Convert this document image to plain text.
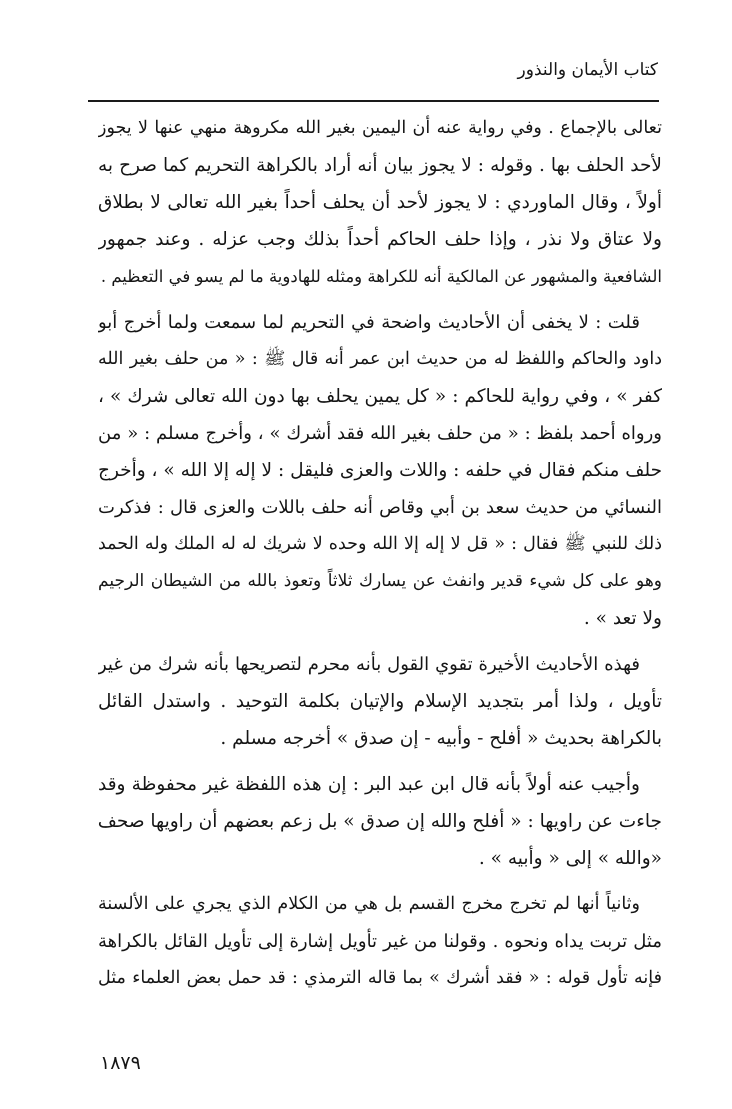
كتاب الأيمان والنذور

تعالى بالإجماع . وفي رواية عنه أن اليمين بغير الله مكروهة منهي عنها لا يجوز
لأحد الحلف بها . وقوله : لا يجوز بيان أنه أراد بالكراهة التحريم كما صرح به
أولاً ، وقال الماوردي : لا يجوز لأحد أن يحلف أحداً بغير الله تعالى لا بطلاق
ولا عتاق ولا نذر ، وإذا حلف الحاكم أحداً بذلك وجب عزله . وعند جمهور
الشافعية والمشهور عن المالكية أنه للكراهة ومثله للهادوية ما لم يسو في التعظيم .

قلت : لا يخفى أن الأحاديث واضحة في التحريم لما سمعت ولما أخرج أبو
داود والحاكم واللفظ له من حديث ابن عمر أنه قال ﷺ : « من حلف بغير الله
كفر » ، وفي رواية للحاكم : « كل يمين يحلف بها دون الله تعالى شرك » ،
ورواه أحمد بلفظ : « من حلف بغير الله فقد أشرك » ، وأخرج مسلم : « من
حلف منكم فقال في حلفه : واللات والعزى فليقل : لا إله إلا الله » ، وأخرج
النسائي من حديث سعد بن أبي وقاص أنه حلف باللات والعزى قال : فذكرت
ذلك للنبي ﷺ فقال : « قل لا إله إلا الله وحده لا شريك له له الملك وله الحمد
وهو على كل شيء قدير وانفث عن يسارك ثلاثاً وتعوذ بالله من الشيطان الرجيم
ولا تعد » .

فهذه الأحاديث الأخيرة تقوي القول بأنه محرم لتصريحها بأنه شرك من غير
تأويل ، ولذا أمر بتجديد الإسلام والإتيان بكلمة التوحيد . واستدل القائل
بالكراهة بحديث « أفلح - وأبيه - إن صدق » أخرجه مسلم .

وأجيب عنه أولاً بأنه قال ابن عبد البر : إن هذه اللفظة غير محفوظة وقد
جاءت عن راويها : « أفلح والله إن صدق » بل زعم بعضهم أن راويها صحف
«والله » إلى « وأبيه » .

وثانياً أنها لم تخرج مخرج القسم بل هي من الكلام الذي يجري على الألسنة
مثل تربت يداه ونحوه . وقولنا من غير تأويل إشارة إلى تأويل القائل بالكراهة
فإنه تأول قوله : « فقد أشرك » بما قاله الترمذي : قد حمل بعض العلماء مثل

١٨٧٩
